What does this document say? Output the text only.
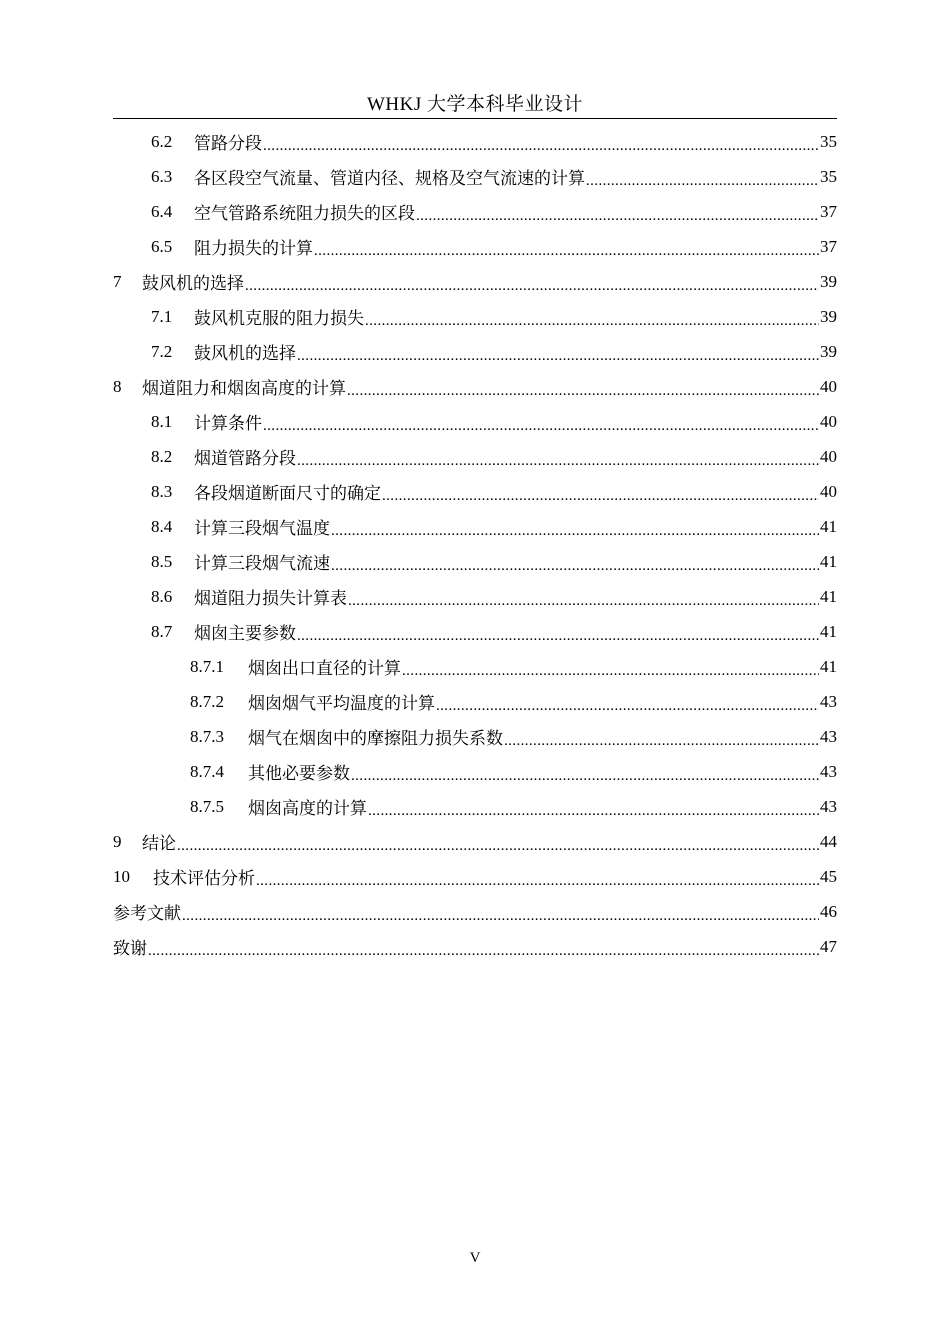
WHKJ 大学本科毕业设计
6.2	管路分段 .....	35
6.3	各区段空气流量、管道内径、规格及空气流速的计算 .....	35
6.4	空气管路系统阻力损失的区段 .....	37
6.5	阻力损失的计算 .....	37
7	鼓风机的选择 .....	39
7.1	鼓风机克服的阻力损失 .....	39
7.2	鼓风机的选择 .....	39
8	烟道阻力和烟囱高度的计算 .....	40
8.1	计算条件 .....	40
8.2	烟道管路分段 .....	40
8.3	各段烟道断面尺寸的确定 .....	40
8.4	计算三段烟气温度 .....	41
8.5	计算三段烟气流速 .....	41
8.6	烟道阻力损失计算表 .....	41
8.7	烟囱主要参数 .....	41
8.7.1	烟囱出口直径的计算 .....	41
8.7.2	烟囱烟气平均温度的计算 .....	43
8.7.3	烟气在烟囱中的摩擦阻力损失系数 .....	43
8.7.4	其他必要参数 .....	43
8.7.5	烟囱高度的计算 .....	43
9	结论 .....	44
10	技术评估分析 .....	45
参考文献 .....	46
致谢 .....	47
V
